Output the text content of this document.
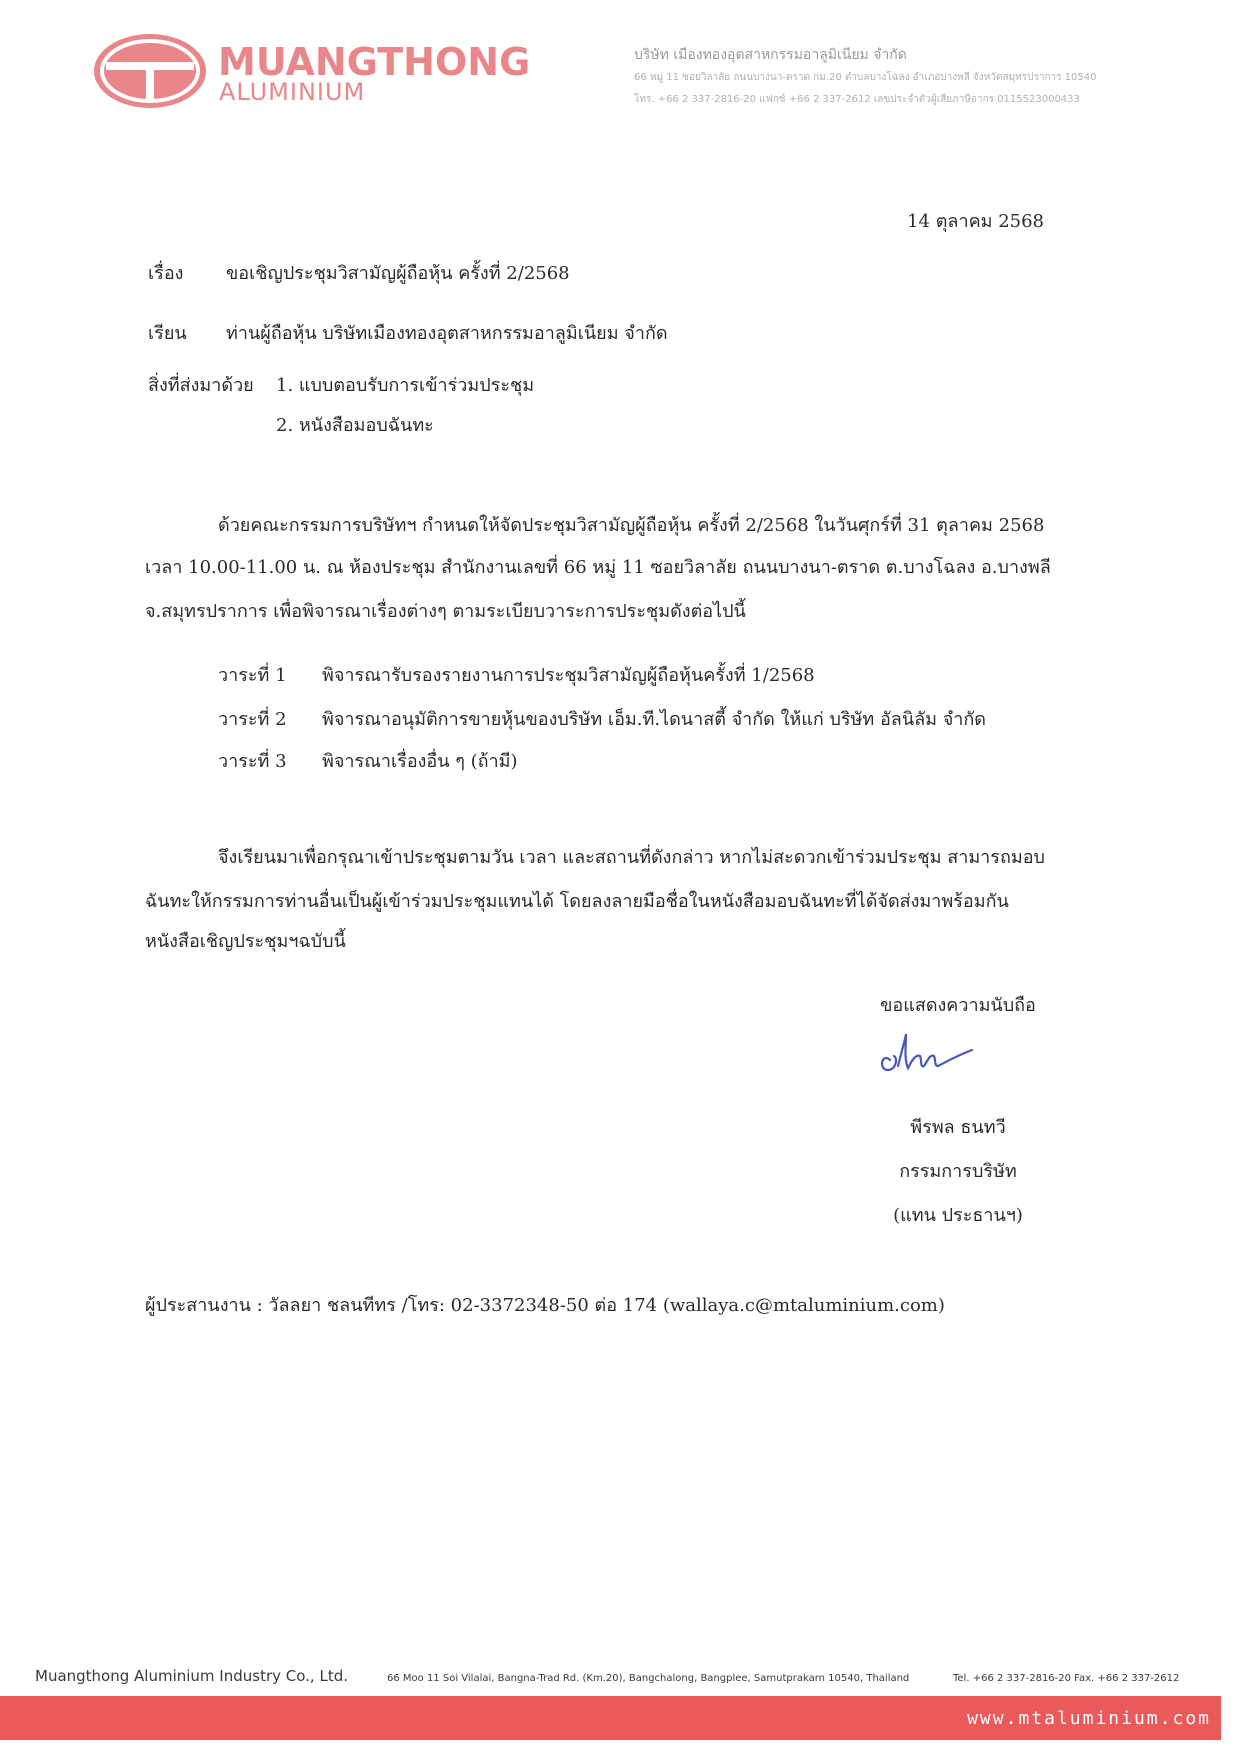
MUANGTHONG
ALUMINIUM
บริษัท เมืองทองอุตสาหกรรมอาลูมิเนียม จำกัด
66 หมู่ 11 ซอยวิลาลัย ถนนบางนา-ตราด กม.20 ตำบลบางโฉลง อำเภอบางพลี จังหวัดสมุทรปราการ 10540
โทร. +66 2 337-2816-20 แฟกซ์ +66 2 337-2612 เลขประจำตัวผู้เสียภาษีอากร 0115523000433
14 ตุลาคม 2568
เรื่อง ขอเชิญประชุมวิสามัญผู้ถือหุ้น ครั้งที่ 2/2568
เรียน ท่านผู้ถือหุ้น บริษัทเมืองทองอุตสาหกรรมอาลูมิเนียม จำกัด
สิ่งที่ส่งมาด้วย 1. แบบตอบรับการเข้าร่วมประชุม
2. หนังสือมอบฉันทะ
ด้วยคณะกรรมการบริษัทฯ กำหนดให้จัดประชุมวิสามัญผู้ถือหุ้น ครั้งที่ 2/2568 ในวันศุกร์ที่ 31 ตุลาคม 2568
เวลา 10.00-11.00 น. ณ ห้องประชุม สำนักงานเลขที่ 66 หมู่ 11 ซอยวิลาลัย ถนนบางนา-ตราด ต.บางโฉลง อ.บางพลี
จ.สมุทรปราการ เพื่อพิจารณาเรื่องต่างๆ ตามระเบียบวาระการประชุมดังต่อไปนี้
วาระที่ 1 พิจารณารับรองรายงานการประชุมวิสามัญผู้ถือหุ้นครั้งที่ 1/2568
วาระที่ 2 พิจารณาอนุมัติการขายหุ้นของบริษัท เอ็ม.ที.ไดนาสตี้ จำกัด ให้แก่ บริษัท อัลนิลัม จำกัด
วาระที่ 3 พิจารณาเรื่องอื่น ๆ (ถ้ามี)
จึงเรียนมาเพื่อกรุณาเข้าประชุมตามวัน เวลา และสถานที่ดังกล่าว หากไม่สะดวกเข้าร่วมประชุม สามารถมอบ
ฉันทะให้กรรมการท่านอื่นเป็นผู้เข้าร่วมประชุมแทนได้ โดยลงลายมือชื่อในหนังสือมอบฉันทะที่ได้จัดส่งมาพร้อมกัน
หนังสือเชิญประชุมฯฉบับนี้
ขอแสดงความนับถือ
พีรพล ธนทวี
กรรมการบริษัท
(แทน ประธานฯ)
ผู้ประสานงาน : วัลลยา ชลนทีทร /โทร: 02-3372348-50 ต่อ 174 (wallaya.c@mtaluminium.com)
Muangthong Aluminium Industry Co., Ltd.	66 Moo 11 Soi Vilalai, Bangna-Trad Rd. (Km.20), Bangchalong, Bangplee, Samutprakarn 10540, Thailand	Tel. +66 2 337-2816-20 Fax. +66 2 337-2612
www.mtaluminium.com
